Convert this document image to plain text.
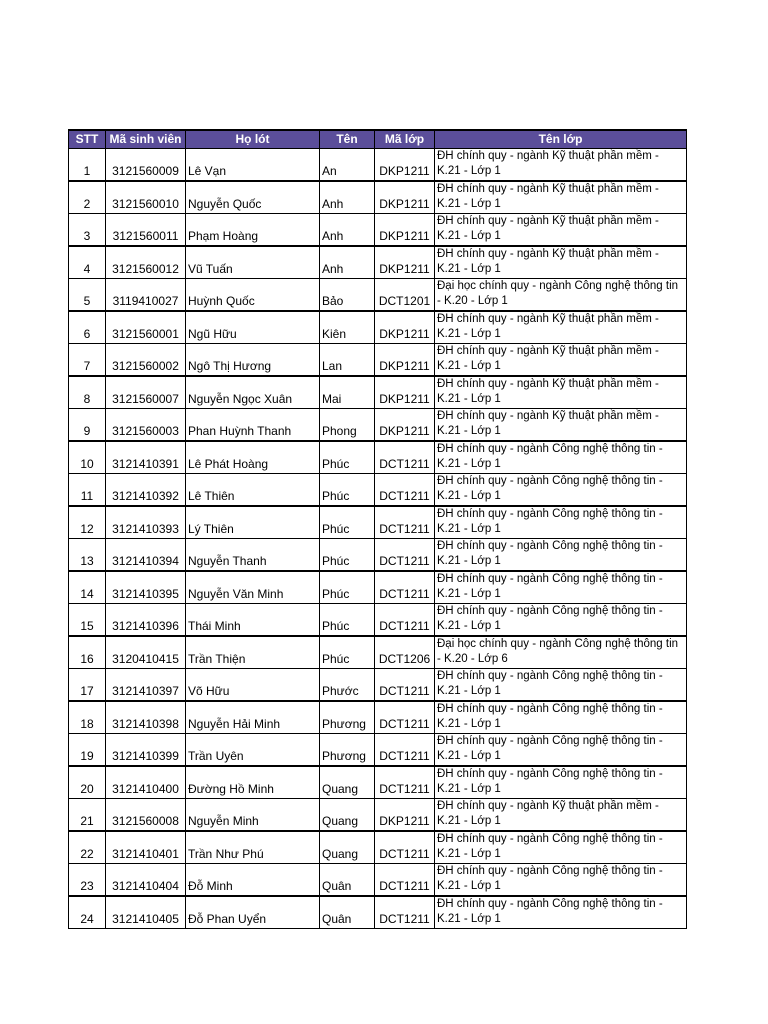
STT	Mã sinh viên	Họ lót	Tên	Mã lớp	Tên lớp
1	3121560009	Lê Vạn	An	DKP1211	ĐH chính quy - ngành Kỹ thuật phần mềm - K.21 - Lớp 1
2	3121560010	Nguyễn Quốc	Anh	DKP1211	ĐH chính quy - ngành Kỹ thuật phần mềm - K.21 - Lớp 1
3	3121560011	Phạm Hoàng	Anh	DKP1211	ĐH chính quy - ngành Kỹ thuật phần mềm - K.21 - Lớp 1
4	3121560012	Vũ Tuấn	Anh	DKP1211	ĐH chính quy - ngành Kỹ thuật phần mềm - K.21 - Lớp 1
5	3119410027	Huỳnh Quốc	Bảo	DCT1201	Đại học chính quy - ngành Công nghệ thông tin - K.20 - Lớp 1
6	3121560001	Ngũ Hữu	Kiên	DKP1211	ĐH chính quy - ngành Kỹ thuật phần mềm - K.21 - Lớp 1
7	3121560002	Ngô Thị Hương	Lan	DKP1211	ĐH chính quy - ngành Kỹ thuật phần mềm - K.21 - Lớp 1
8	3121560007	Nguyễn Ngọc Xuân	Mai	DKP1211	ĐH chính quy - ngành Kỹ thuật phần mềm - K.21 - Lớp 1
9	3121560003	Phan Huỳnh Thanh	Phong	DKP1211	ĐH chính quy - ngành Kỹ thuật phần mềm - K.21 - Lớp 1
10	3121410391	Lê Phát Hoàng	Phúc	DCT1211	ĐH chính quy - ngành Công nghệ thông tin - K.21 - Lớp 1
11	3121410392	Lê Thiên	Phúc	DCT1211	ĐH chính quy - ngành Công nghệ thông tin - K.21 - Lớp 1
12	3121410393	Lý Thiên	Phúc	DCT1211	ĐH chính quy - ngành Công nghệ thông tin - K.21 - Lớp 1
13	3121410394	Nguyễn Thanh	Phúc	DCT1211	ĐH chính quy - ngành Công nghệ thông tin - K.21 - Lớp 1
14	3121410395	Nguyễn Văn Minh	Phúc	DCT1211	ĐH chính quy - ngành Công nghệ thông tin - K.21 - Lớp 1
15	3121410396	Thái Minh	Phúc	DCT1211	ĐH chính quy - ngành Công nghệ thông tin - K.21 - Lớp 1
16	3120410415	Trần Thiện	Phúc	DCT1206	Đại học chính quy - ngành Công nghệ thông tin - K.20 - Lớp 6
17	3121410397	Võ Hữu	Phước	DCT1211	ĐH chính quy - ngành Công nghệ thông tin - K.21 - Lớp 1
18	3121410398	Nguyễn Hải Minh	Phương	DCT1211	ĐH chính quy - ngành Công nghệ thông tin - K.21 - Lớp 1
19	3121410399	Trần Uyên	Phương	DCT1211	ĐH chính quy - ngành Công nghệ thông tin - K.21 - Lớp 1
20	3121410400	Đường Hồ Minh	Quang	DCT1211	ĐH chính quy - ngành Công nghệ thông tin - K.21 - Lớp 1
21	3121560008	Nguyễn Minh	Quang	DKP1211	ĐH chính quy - ngành Kỹ thuật phần mềm - K.21 - Lớp 1
22	3121410401	Trần Như Phú	Quang	DCT1211	ĐH chính quy - ngành Công nghệ thông tin - K.21 - Lớp 1
23	3121410404	Đỗ Minh	Quân	DCT1211	ĐH chính quy - ngành Công nghệ thông tin - K.21 - Lớp 1
24	3121410405	Đỗ Phan Uyển	Quân	DCT1211	ĐH chính quy - ngành Công nghệ thông tin - K.21 - Lớp 1
